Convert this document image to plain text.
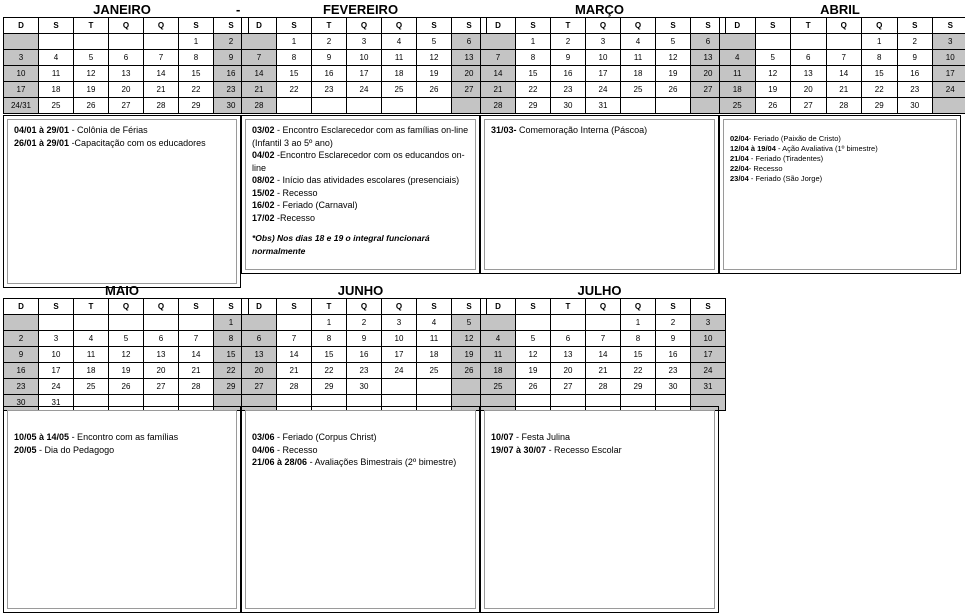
JANEIRO	-
D	S	T	Q	Q	S	S
					1	2
3	4	5	6	7	8	9
10	11	12	13	14	15	16
17	18	19	20	21	22	23
24/31	25	26	27	28	29	30
04/01 à 29/01 - Colônia de Férias
26/01 à 29/01 -Capacitação com os educadores
FEVEREIRO
D	S	T	Q	Q	S	S
	1	2	3	4	5	6
7	8	9	10	11	12	13
14	15	16	17	18	19	20
21	22	23	24	25	26	27
28						
03/02 - Encontro Esclarecedor com as famílias on-line (Infantil 3 ao 5º ano)
04/02 -Encontro Esclarecedor com os educandos on-line
08/02 - Início das atividades escolares (presenciais)
15/02 - Recesso
16/02 - Feriado (Carnaval)
17/02 -Recesso
*Obs) Nos dias 18 e 19 o integral funcionará normalmente
MARÇO
D	S	T	Q	Q	S	S
	1	2	3	4	5	6
7	8	9	10	11	12	13
14	15	16	17	18	19	20
21	22	23	24	25	26	27
28	29	30	31			
31/03- Comemoração Interna (Páscoa)
ABRIL
D	S	T	Q	Q	S	S
				1	2	3
4	5	6	7	8	9	10
11	12	13	14	15	16	17
18	19	20	21	22	23	24
25	26	27	28	29	30	
02/04- Feriado (Paixão de Cristo)
12/04 à 19/04 - Ação Avaliativa (1º bimestre)
21/04 - Feriado (Tiradentes)
22/04- Recesso
23/04 - Feriado (São Jorge)
MAIO
D	S	T	Q	Q	S	S
						1
2	3	4	5	6	7	8
9	10	11	12	13	14	15
16	17	18	19	20	21	22
23	24	25	26	27	28	29
30	31					
10/05 à 14/05 - Encontro com as famílias
20/05 - Dia do Pedagogo
JUNHO
D	S	T	Q	Q	S	S
		1	2	3	4	5
6	7	8	9	10	11	12
13	14	15	16	17	18	19
20	21	22	23	24	25	26
27	28	29	30			

03/06 - Feriado (Corpus Christ)
04/06 - Recesso
21/06 à 28/06 - Avaliações Bimestrais (2º bimestre)
JULHO
D	S	T	Q	Q	S	S
				1	2	3
4	5	6	7	8	9	10
11	12	13	14	15	16	17
18	19	20	21	22	23	24
25	26	27	28	29	30	31

10/07 - Festa Julina
19/07 à 30/07 - Recesso Escolar
